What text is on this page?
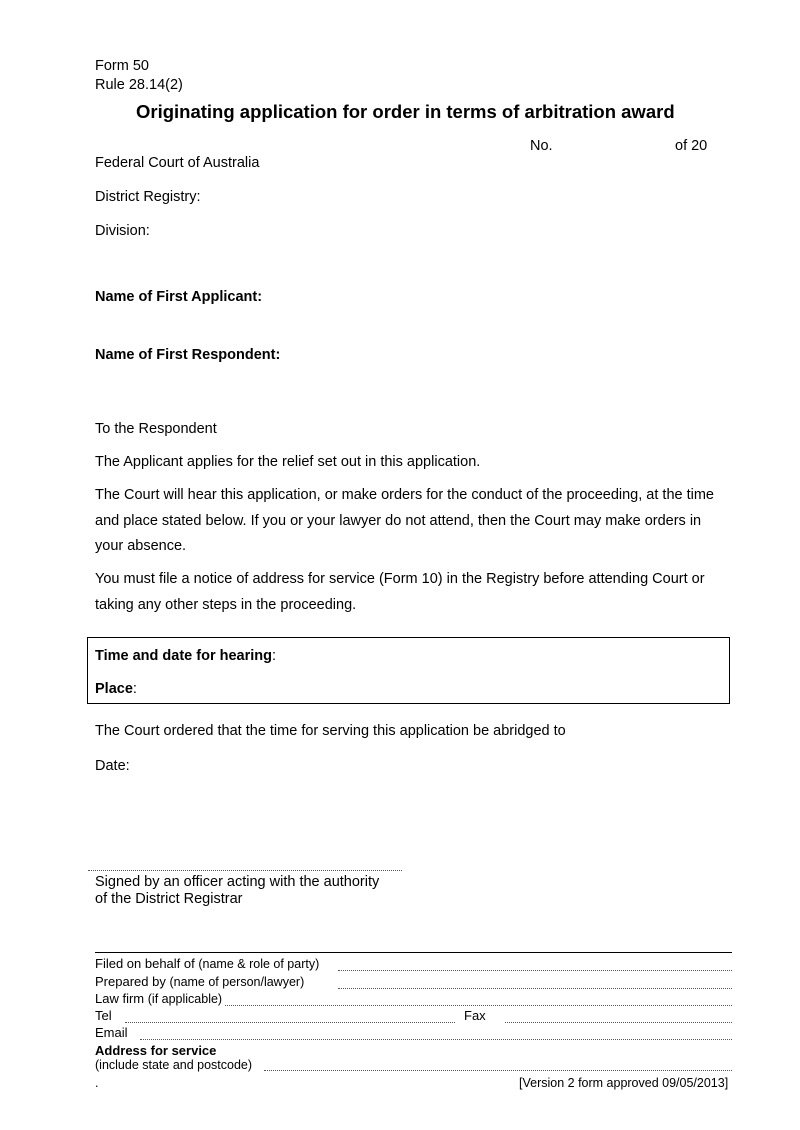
Form 50
Rule 28.14(2)
Originating application for order in terms of arbitration award
No.	of 20
Federal Court of Australia
District Registry:
Division:
Name of First Applicant:
Name of First Respondent:
To the Respondent
The Applicant applies for the relief set out in this application.
The Court will hear this application, or make orders for the conduct of the proceeding, at the time and place stated below. If you or your lawyer do not attend, then the Court may make orders in your absence.
You must file a notice of address for service (Form 10) in the Registry before attending Court or taking any other steps in the proceeding.
Time and date for hearing:
Place:
The Court ordered that the time for serving this application be abridged to
Date:
Signed by an officer acting with the authority
of the District Registrar
Filed on behalf of (name & role of party)
Prepared by (name of person/lawyer)
Law firm (if applicable)
Tel	Fax
Email
Address for service
(include state and postcode)
.	[Version 2 form approved 09/05/2013]
